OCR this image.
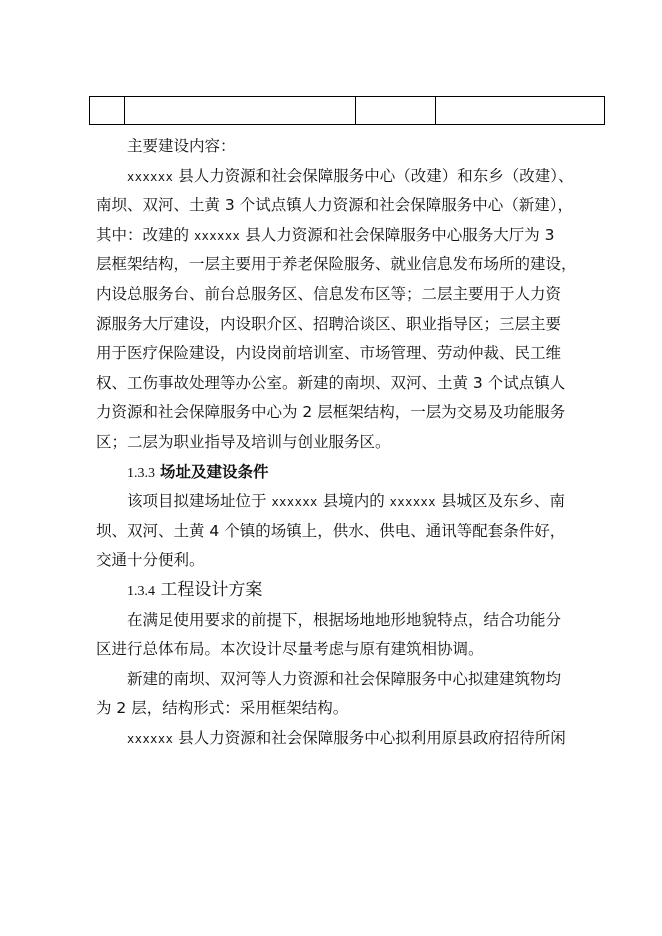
主要建设内容：
xxxxxx 县人力资源和社会保障服务中心（改建）和东乡（改建）、
南坝、双河、土黄 3 个试点镇人力资源和社会保障服务中心（新建），
其中：改建的 xxxxxx 县人力资源和社会保障服务中心服务大厅为 3
层框架结构，一层主要用于养老保险服务、就业信息发布场所的建设，
内设总服务台、前台总服务区、信息发布区等；二层主要用于人力资
源服务大厅建设，内设职介区、招聘洽谈区、职业指导区；三层主要
用于医疗保险建设，内设岗前培训室、市场管理、劳动仲裁、民工维
权、工伤事故处理等办公室。新建的南坝、双河、土黄 3 个试点镇人
力资源和社会保障服务中心为 2 层框架结构，一层为交易及功能服务
区；二层为职业指导及培训与创业服务区。
1.3.3 场址及建设条件
该项目拟建场址位于 xxxxxx 县境内的 xxxxxx 县城区及东乡、南
坝、双河、土黄 4 个镇的场镇上，供水、供电、通讯等配套条件好，
交通十分便利。
1.3.4 工程设计方案
在满足使用要求的前提下，根据场地地形地貌特点，结合功能分
区进行总体布局。本次设计尽量考虑与原有建筑相协调。
新建的南坝、双河等人力资源和社会保障服务中心拟建建筑物均
为 2 层，结构形式：采用框架结构。
xxxxxx 县人力资源和社会保障服务中心拟利用原县政府招待所闲
